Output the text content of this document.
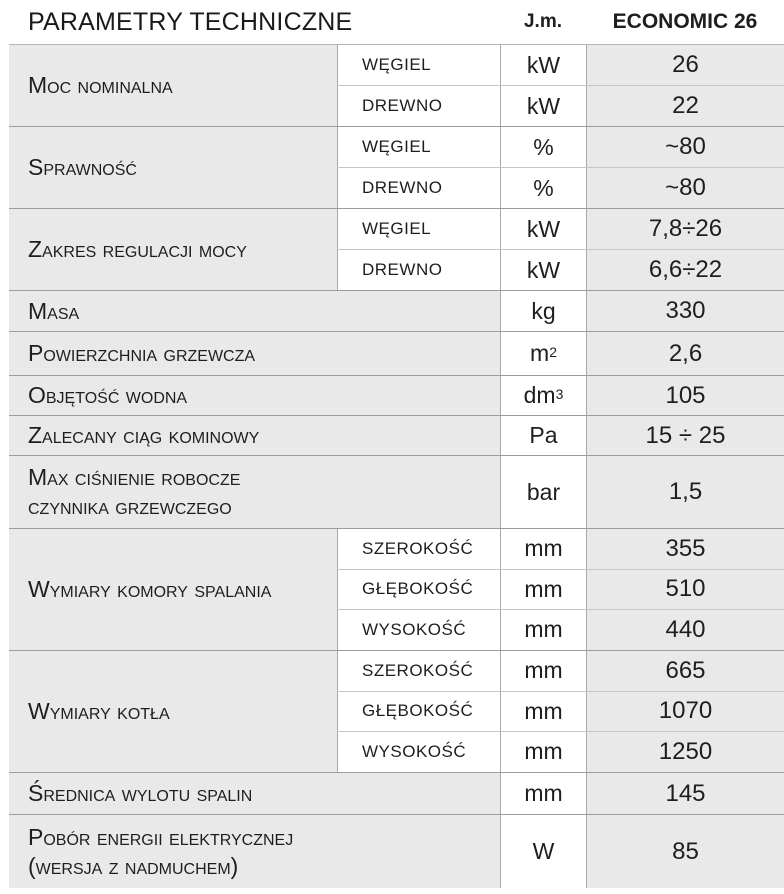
PARAMETRY TECHNICZNE	J.m.	ECONOMIC 26
Moc nominalna
WĘGIEL	kW	26
DREWNO	kW	22
Sprawność
WĘGIEL	%	~80
DREWNO	%	~80
Zakres regulacji mocy
WĘGIEL	kW	7,8÷26
DREWNO	kW	6,6÷22
Masa	kg	330
Powierzchnia grzewcza	$m^2$	2,6
Objętość wodna	$dm^3$	105
Zalecany ciąg kominowy	Pa	15 ÷ 25
Max ciśnienie robocze
czynnika grzewczego
bar	1,5
Wymiary komory spalania
SZEROKOŚĆ	mm	355
GŁĘBOKOŚĆ	mm	510
WYSOKOŚĆ	mm	440
Wymiary kotła
SZEROKOŚĆ	mm	665
GŁĘBOKOŚĆ	mm	1070
WYSOKOŚĆ	mm	1250
Średnica wylotu spalin	mm	145
Pobór energii elektrycznej
(wersja z nadmuchem)
W	85
